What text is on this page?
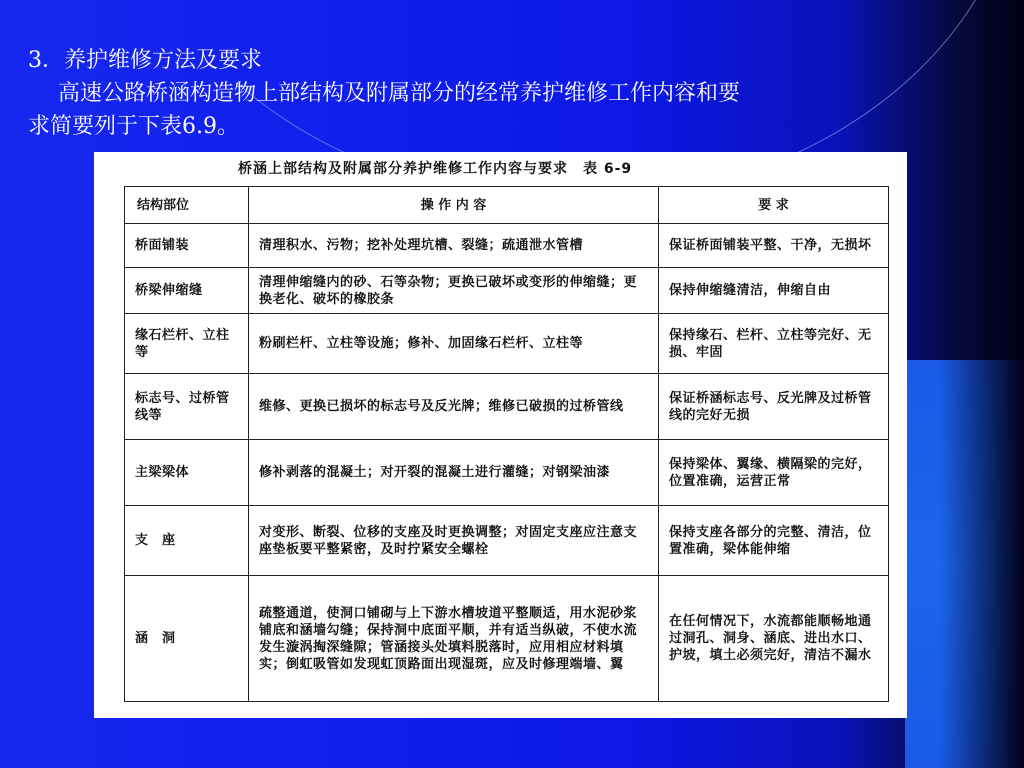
3．养护维修方法及要求

高速公路桥涵构造物上部结构及附属部分的经常养护维修工作内容和要

求简要列于下表6.9。

桥涵上部结构及附属部分养护维修工作内容与要求　表 6-9
结构部位	操 作 内 容	要 求
桥面铺装	清理积水、污物；挖补处理坑槽、裂缝；疏通泄水管槽	保证桥面铺装平整、干净，无损坏
桥梁伸缩缝	清理伸缩缝内的砂、石等杂物；更换已破坏或变形的伸缩缝；更换老化、破坏的橡胶条	保持伸缩缝清洁，伸缩自由
缘石栏杆、立柱等	粉刷栏杆、立柱等设施；修补、加固缘石栏杆、立柱等	保持缘石、栏杆、立柱等完好、无损、牢固
标志号、过桥管线等	维修、更换已损坏的标志号及反光牌；维修已破损的过桥管线	保证桥涵标志号、反光牌及过桥管线的完好无损
主梁梁体	修补剥落的混凝土；对开裂的混凝土进行灌缝；对钢梁油漆	保持梁体、翼缘、横隔梁的完好，位置准确，运营正常
支　座	对变形、断裂、位移的支座及时更换调整；对固定支座应注意支座垫板要平整紧密，及时拧紧安全螺栓	保持支座各部分的完整、清洁，位置准确，梁体能伸缩
涵　洞	疏整通道，使洞口铺砌与上下游水槽坡道平整顺适，用水泥砂浆铺底和涵墙勾缝；保持洞中底面平顺，并有适当纵破，不使水流发生漩涡掏深缝隙；管涵接头处填料脱落时，应用相应材料填实；倒虹吸管如发现虹顶路面出现湿斑，应及时修理端墙、翼	在任何情况下，水流都能顺畅地通过洞孔、洞身、涵底、进出水口、护坡，填土必须完好，清洁不漏水
